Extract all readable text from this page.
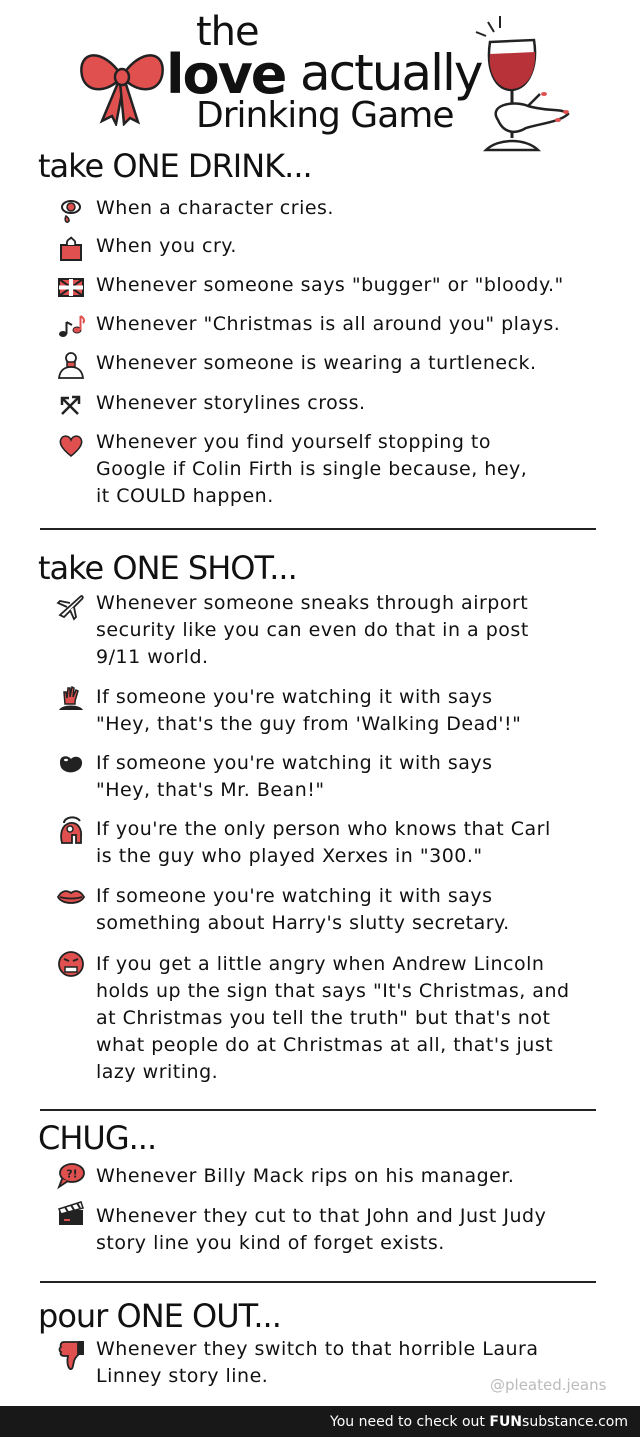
the
love actually
Drinking Game
take ONE DRINK...
When a character cries.
When you cry.
Whenever someone says "bugger" or "bloody."
Whenever "Christmas is all around you" plays.
Whenever someone is wearing a turtleneck.
Whenever storylines cross.
Whenever you find yourself stopping to
Google if Colin Firth is single because, hey,
it COULD happen.
take ONE SHOT...
Whenever someone sneaks through airport
security like you can even do that in a post
9/11 world.
If someone you're watching it with says
"Hey, that's the guy from 'Walking Dead'!"
If someone you're watching it with says
"Hey, that's Mr. Bean!"
If you're the only person who knows that Carl
is the guy who played Xerxes in "300."
If someone you're watching it with says
something about Harry's slutty secretary.
If you get a little angry when Andrew Lincoln
holds up the sign that says "It's Christmas, and
at Christmas you tell the truth" but that's not
what people do at Christmas at all, that's just
lazy writing.
CHUG...
?! Whenever Billy Mack rips on his manager.
Whenever they cut to that John and Just Judy
story line you kind of forget exists.
pour ONE OUT...
Whenever they switch to that horrible Laura
Linney story line.	@pleated.jeans
You need to check out FUNsubstance.com
